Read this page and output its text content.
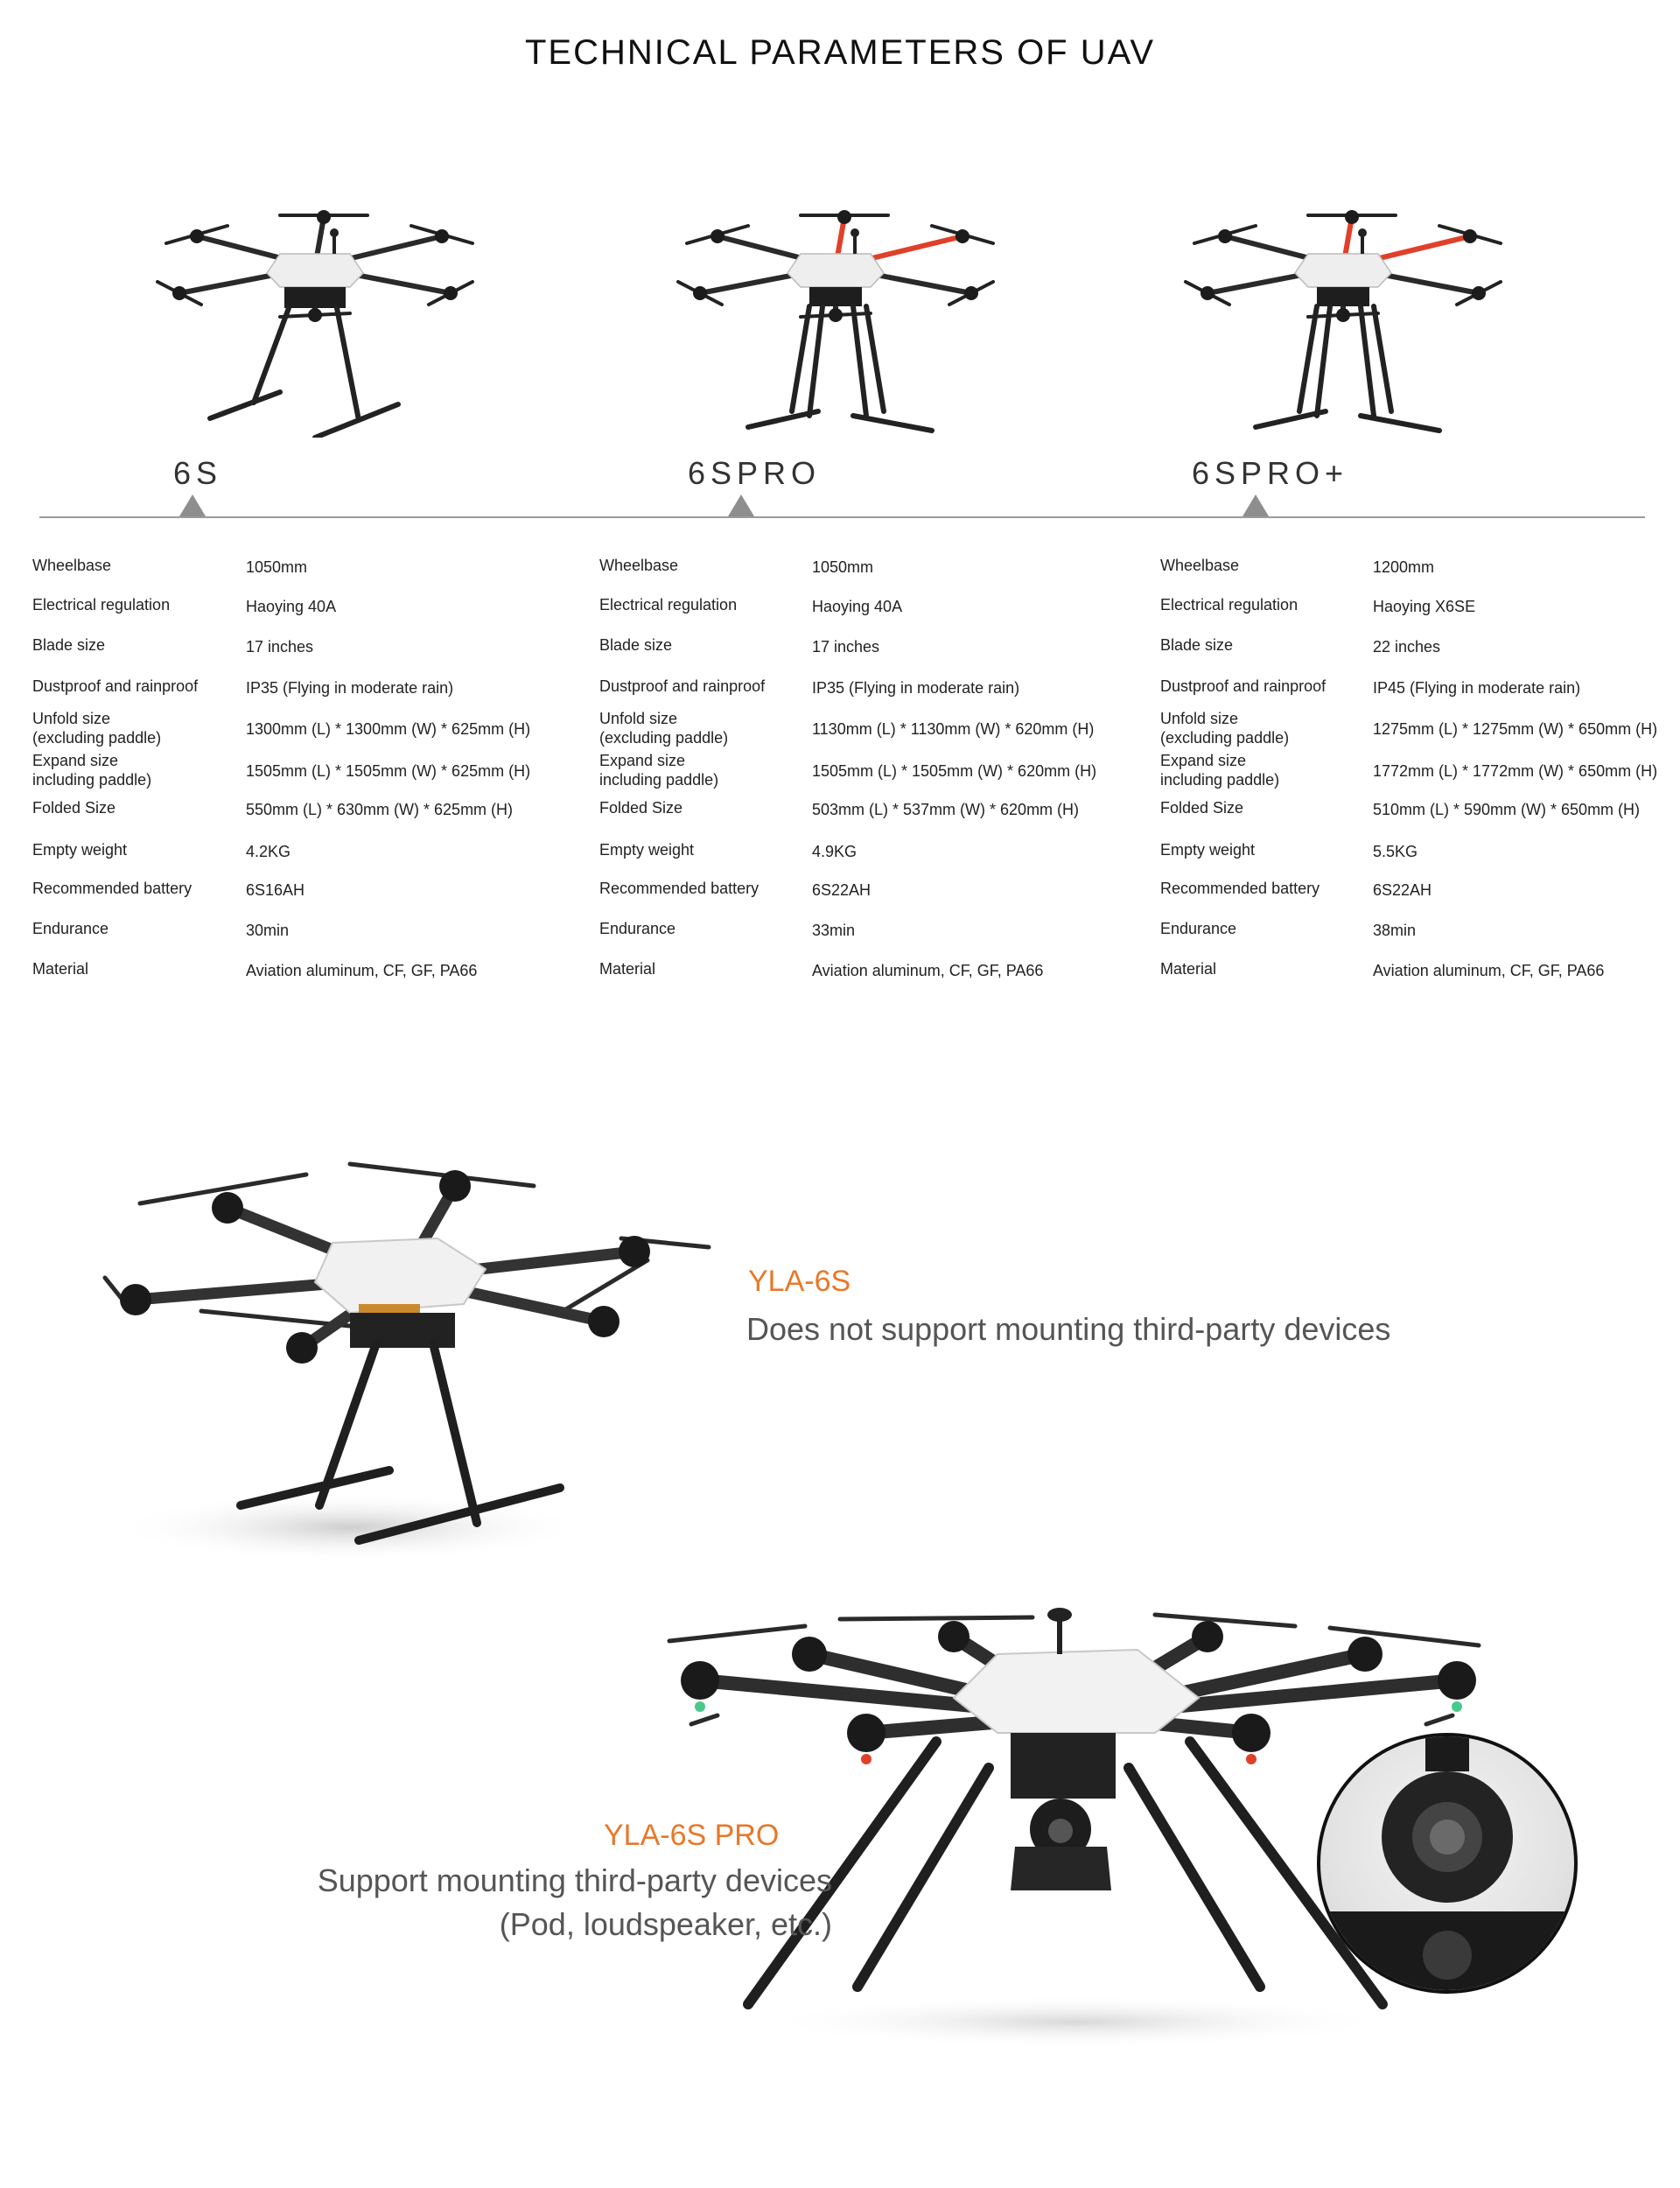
TECHNICAL PARAMETERS OF UAV
6S	6SPRO	6SPRO+
Wheelbase	1050mm
Electrical regulation	Haoying 40A
Blade size	17 inches
Dustproof and rainproof	IP35 (Flying in moderate rain)
Unfold size
(excluding paddle)	1300mm (L) * 1300mm (W) * 625mm (H)
Expand size
including paddle)	1505mm (L) * 1505mm (W) * 625mm (H)
Folded Size	550mm (L) * 630mm (W) * 625mm (H)
Empty weight	4.2KG
Recommended battery	6S16AH
Endurance	30min
Material	Aviation aluminum, CF, GF, PA66
Wheelbase	1050mm
Electrical regulation	Haoying 40A
Blade size	17 inches
Dustproof and rainproof	IP35 (Flying in moderate rain)
Unfold size
(excluding paddle)	1130mm (L) * 1130mm (W) * 620mm (H)
Expand size
including paddle)	1505mm (L) * 1505mm (W) * 620mm (H)
Folded Size	503mm (L) * 537mm (W) * 620mm (H)
Empty weight	4.9KG
Recommended battery	6S22AH
Endurance	33min
Material	Aviation aluminum, CF, GF, PA66
Wheelbase	1200mm
Electrical regulation	Haoying X6SE
Blade size	22 inches
Dustproof and rainproof	IP45 (Flying in moderate rain)
Unfold size
(excluding paddle)	1275mm (L) * 1275mm (W) * 650mm (H)
Expand size
including paddle)	1772mm (L) * 1772mm (W) * 650mm (H)
Folded Size	510mm (L) * 590mm (W) * 650mm (H)
Empty weight	5.5KG
Recommended battery	6S22AH
Endurance	38min
Material	Aviation aluminum, CF, GF, PA66
YLA-6S
Does not support mounting third-party devices
YLA-6S PRO
Support mounting third-party devices
(Pod, loudspeaker, etc.)
